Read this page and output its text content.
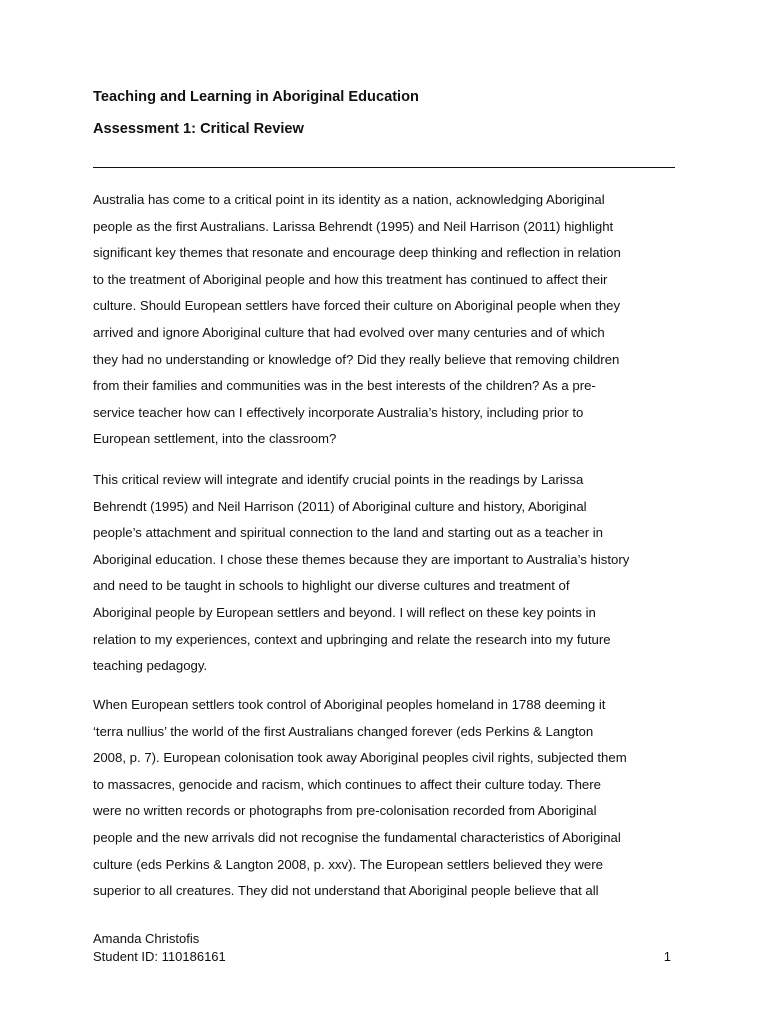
Teaching and Learning in Aboriginal Education
Assessment 1: Critical Review
Australia has come to a critical point in its identity as a nation, acknowledging Aboriginal
people as the first Australians. Larissa Behrendt (1995) and Neil Harrison (2011) highlight
significant key themes that resonate and encourage deep thinking and reflection in relation
to the treatment of Aboriginal people and how this treatment has continued to affect their
culture. Should European settlers have forced their culture on Aboriginal people when they
arrived and ignore Aboriginal culture that had evolved over many centuries and of which
they had no understanding or knowledge of? Did they really believe that removing children
from their families and communities was in the best interests of the children? As a pre-
service teacher how can I effectively incorporate Australia’s history, including prior to
European settlement, into the classroom?
This critical review will integrate and identify crucial points in the readings by Larissa
Behrendt (1995) and Neil Harrison (2011) of Aboriginal culture and history, Aboriginal
people’s attachment and spiritual connection to the land and starting out as a teacher in
Aboriginal education. I chose these themes because they are important to Australia’s history
and need to be taught in schools to highlight our diverse cultures and treatment of
Aboriginal people by European settlers and beyond. I will reflect on these key points in
relation to my experiences, context and upbringing and relate the research into my future
teaching pedagogy.
When European settlers took control of Aboriginal peoples homeland in 1788 deeming it
‘terra nullius’ the world of the first Australians changed forever (eds Perkins & Langton
2008, p. 7). European colonisation took away Aboriginal peoples civil rights, subjected them
to massacres, genocide and racism, which continues to affect their culture today. There
were no written records or photographs from pre-colonisation recorded from Aboriginal
people and the new arrivals did not recognise the fundamental characteristics of Aboriginal
culture (eds Perkins & Langton 2008, p. xxv). The European settlers believed they were
superior to all creatures. They did not understand that Aboriginal people believe that all
Amanda Christofis
Student ID: 110186161	1
